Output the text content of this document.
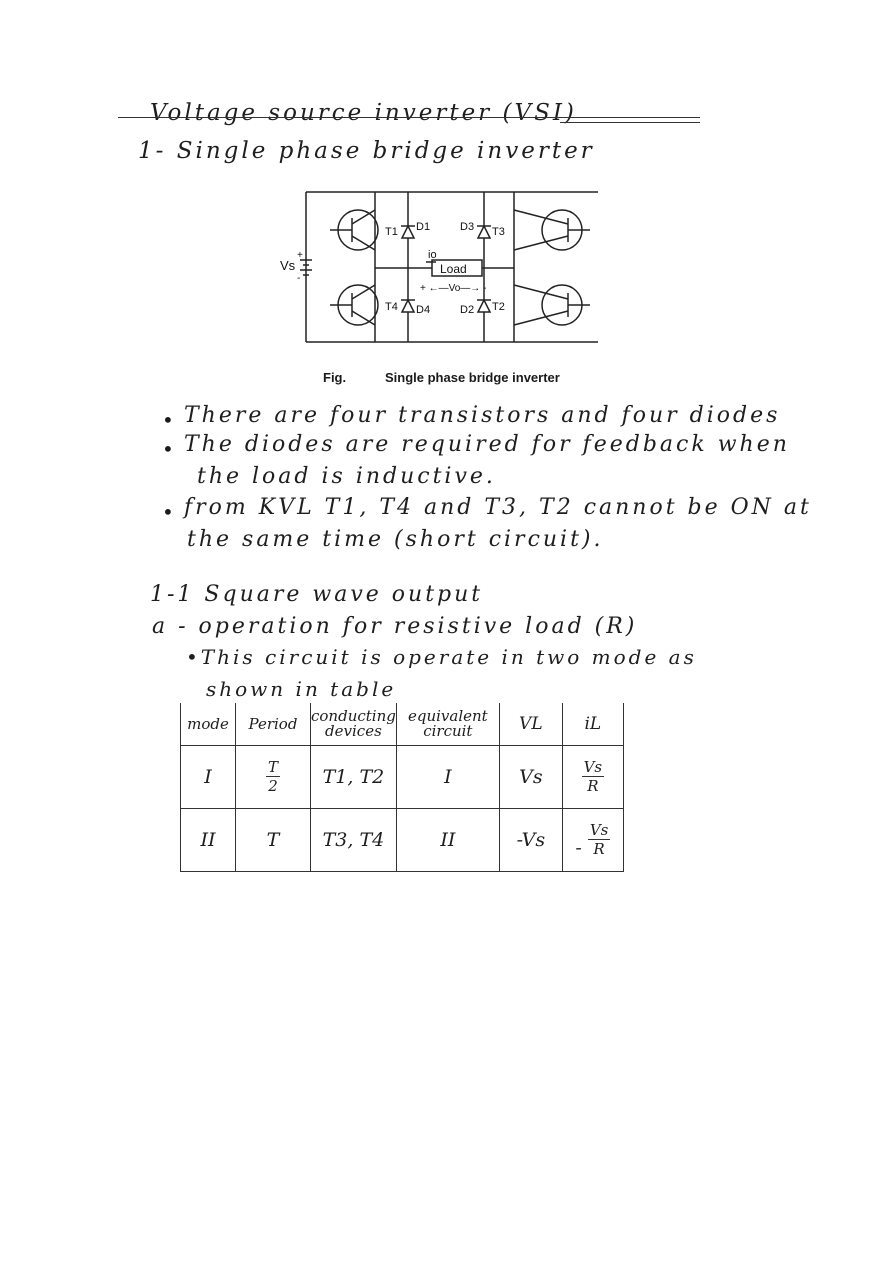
Voltage source inverter (VSI)
1- Single phase bridge inverter
Vs
+
-
Load
io
+ ←—Vo—→ -
T1 D1
T4 D4
D3 T3
D2 T2
Fig.	Single phase bridge inverter
• There are four transistors and four diodes
• The diodes are required for feedback when
the load is inductive.
• from KVL T1, T4 and T3, T2 cannot be ON at
the same time (short circuit).
1-1 Square wave output
a - operation for resistive load (R)
•This circuit is operate in two mode as
shown in table
mode	Period	conducting devices	equivalent circuit	VL	iL
I	$\frac{T}{2}$	T1, T2	I	Vs	$\frac{Vs}{R}$

II	T	T3, T4	II	-Vs	- $\frac{Vs}{R}$
